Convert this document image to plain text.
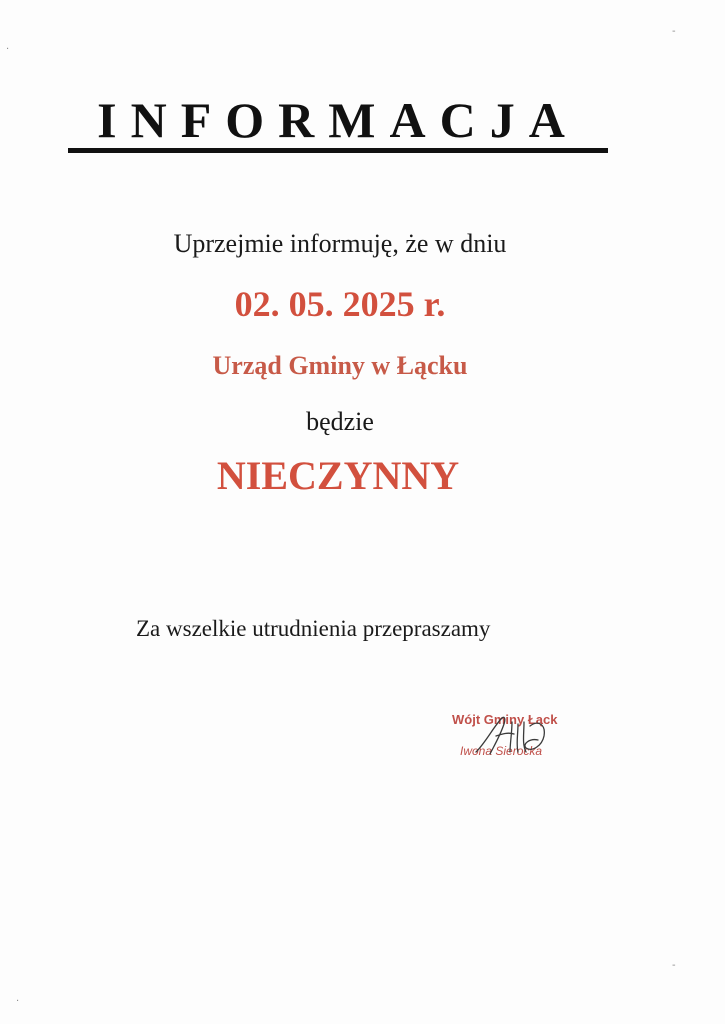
INFORMACJA
Uprzejmie informuję, że w dniu
02. 05. 2025 r.
Urząd Gminy w Łącku
będzie
NIECZYNNY
Za wszelkie utrudnienia przepraszamy
Wójt Gminy Łąck
Iwona Sierocka
·
-
-
·
